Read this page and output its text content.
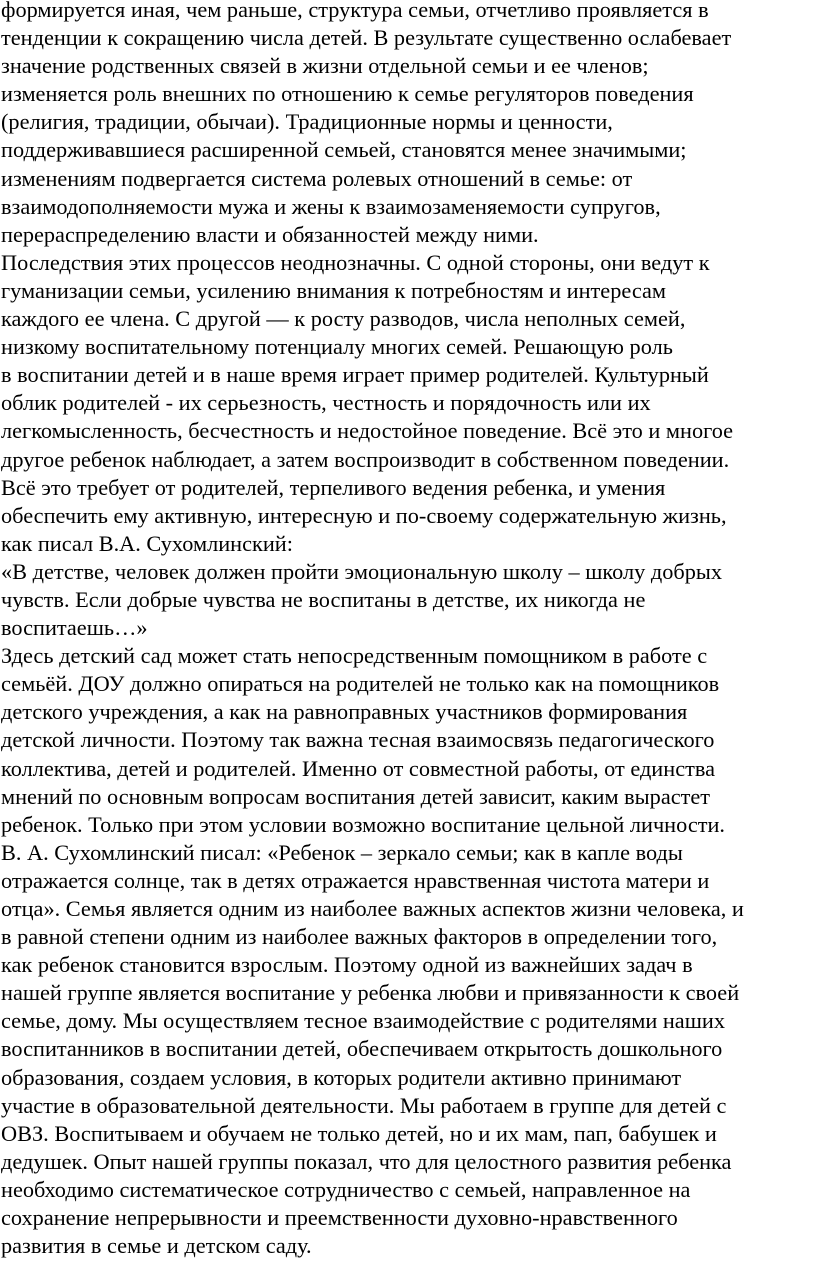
формируется иная, чем раньше, структура семьи, отчетливо проявляется в
тенденции к сокращению числа детей. В результате существенно ослабевает
значение родственных связей в жизни отдельной семьи и ее членов;
изменяется роль внешних по отношению к семье регуляторов поведения
(религия, традиции, обычаи). Традиционные нормы и ценности,
поддерживавшиеся расширенной семьей, становятся менее значимыми;
изменениям подвергается система ролевых отношений в семье: от
взаимодополняемости мужа и жены к взаимозаменяемости супругов,
перераспределению власти и обязанностей между ними.
Последствия этих процессов неоднозначны. С одной стороны, они ведут к
гуманизации семьи, усилению внимания к потребностям и интересам
каждого ее члена. С другой — к росту разводов, числа неполных семей,
низкому воспитательному потенциалу многих семей. Решающую роль
в воспитании детей и в наше время играет пример родителей. Культурный
облик родителей - их серьезность, честность и порядочность или их
легкомысленность, бесчестность и недостойное поведение. Всё это и многое
другое ребенок наблюдает, а затем воспроизводит в собственном поведении.
Всё это требует от родителей, терпеливого ведения ребенка, и умения
обеспечить ему активную, интересную и по-своему содержательную жизнь,
как писал В.А. Сухомлинский:
«В детстве, человек должен пройти эмоциональную школу – школу добрых
чувств. Если добрые чувства не воспитаны в детстве, их никогда не
воспитаешь…»
Здесь детский сад может стать непосредственным помощником в работе с
семьёй. ДОУ должно опираться на родителей не только как на помощников
детского учреждения, а как на равноправных участников формирования
детской личности. Поэтому так важна тесная взаимосвязь педагогического
коллектива, детей и родителей. Именно от совместной работы, от единства
мнений по основным вопросам воспитания детей зависит, каким вырастет
ребенок. Только при этом условии возможно воспитание цельной личности.
В. А. Сухомлинский писал: «Ребенок – зеркало семьи; как в капле воды
отражается солнце, так в детях отражается нравственная чистота матери и
отца». Семья является одним из наиболее важных аспектов жизни человека, и
в равной степени одним из наиболее важных факторов в определении того,
как ребенок становится взрослым. Поэтому одной из важнейших задач в
нашей группе является воспитание у ребенка любви и привязанности к своей
семье, дому. Мы осуществляем тесное взаимодействие с родителями наших
воспитанников в воспитании детей, обеспечиваем открытость дошкольного
образования, создаем условия, в которых родители активно принимают
участие в образовательной деятельности. Мы работаем в группе для детей с
ОВЗ. Воспитываем и обучаем не только детей, но и их мам, пап, бабушек и
дедушек. Опыт нашей группы показал, что для целостного развития ребенка
необходимо систематическое сотрудничество с семьей, направленное на
сохранение непрерывности и преемственности духовно-нравственного
развития в семье и детском саду.
